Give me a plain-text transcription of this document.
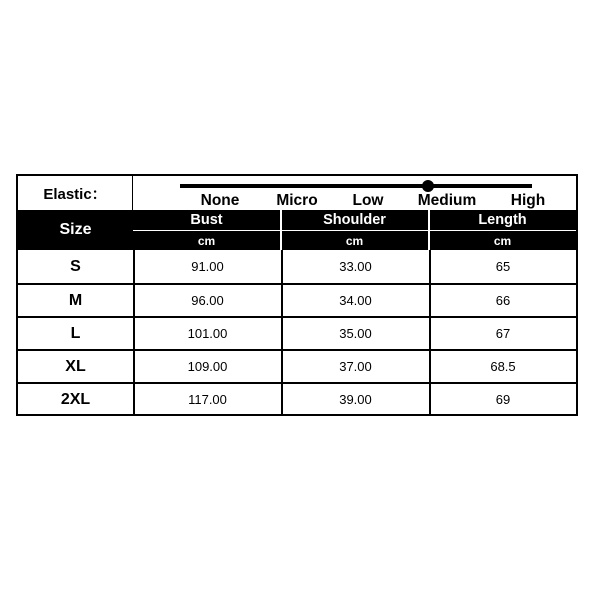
Elastic：	None Micro Low Medium High
Size
Bust	Shoulder	Length
cm	cm	cm
S	91.00	33.00	65
M	96.00	34.00	66
L	101.00	35.00	67
XL	109.00	37.00	68.5
2XL	117.00	39.00	69
